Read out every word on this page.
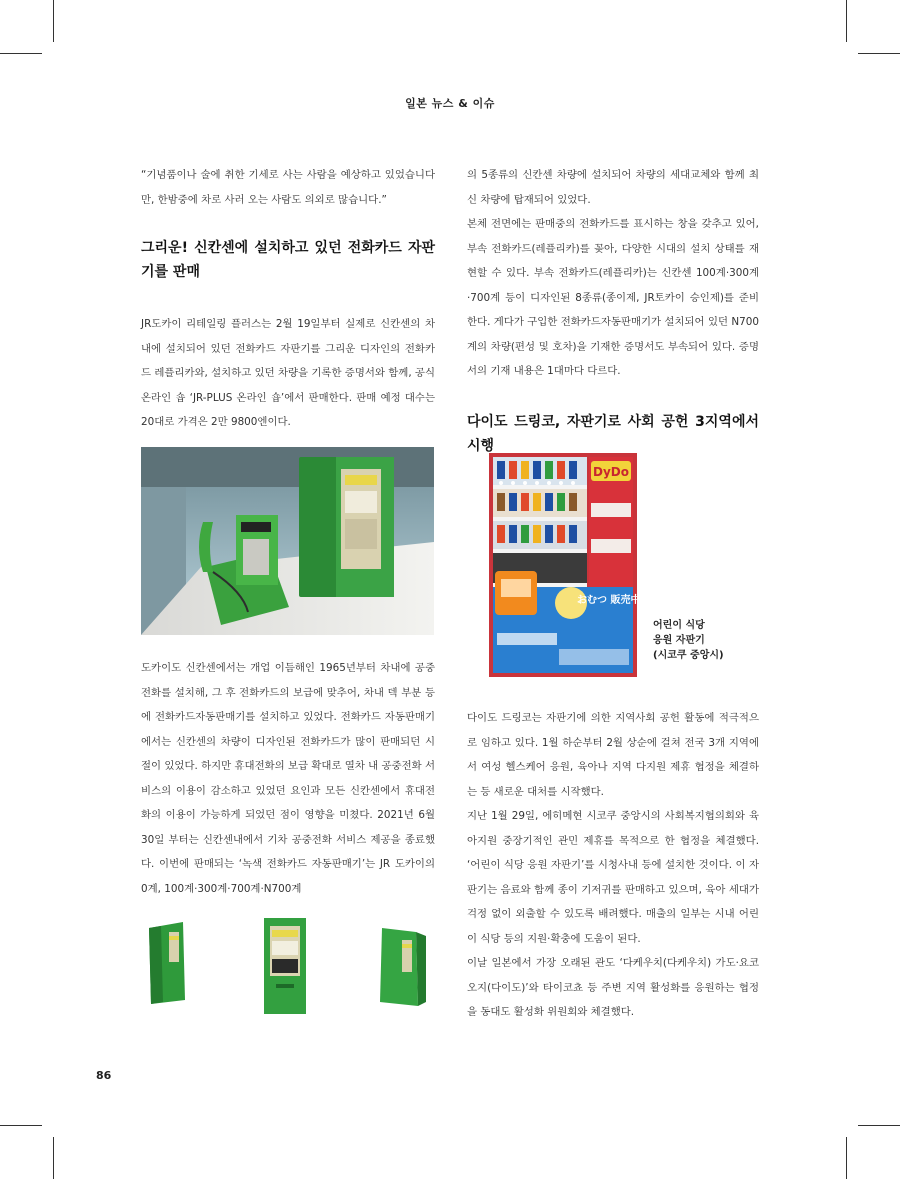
일본 뉴스 & 이슈

“기념품이나 술에 취한 기세로 사는 사람을 예상하고 있었습니다만, 한밤중에 차로 사러 오는 사람도 의외로 많습니다.”

그리운! 신칸센에 설치하고 있던 전화카드 자판기를 판매

JR도카이 리테일링 플러스는 2월 19일부터 실제로 신칸센의 차내에 설치되어 있던 전화카드 자판기를 그리운 디자인의 전화카드 레플리카와, 설치하고 있던 차량을 기록한 증명서와 함께, 공식 온라인 숍 ‘JR-PLUS 온라인 숍’에서 판매한다. 판매 예정 대수는 20대로 가격은 2만 9800엔이다.

도카이도 신칸센에서는 개업 이듬해인 1965년부터 차내에 공중전화를 설치해, 그 후 전화카드의 보급에 맞추어, 차내 덱 부분 등에 전화카드자동판매기를 설치하고 있었다. 전화카드 자동판매기에서는 신칸센의 차량이 디자인된 전화카드가 많이 판매되던 시절이 있었다. 하지만 휴대전화의 보급 확대로 열차 내 공중전화 서비스의 이용이 감소하고 있었던 요인과 모든 신칸센에서 휴대전화의 이용이 가능하게 되었던 점이 영향을 미쳤다. 2021년 6월 30일 부터는 신칸센내에서 기차 공중전화 서비스 제공을 종료했다. 이번에 판매되는 ‘녹색 전화카드 자동판매기’는 JR 도카이의 0계, 100계·300계·700계·N700계

의 5종류의 신칸센 차량에 설치되어 차량의 세대교체와 함께 최신 차량에 탑재되어 있었다.

본체 전면에는 판매중의 전화카드를 표시하는 창을 갖추고 있어, 부속 전화카드(레플리카)를 꽂아, 다양한 시대의 설치 상태를 재현할 수 있다. 부속 전화카드(레플리카)는 신칸센 100계·300계·700계 등이 디자인된 8종류(종이제, JR토카이 승인제)를 준비한다. 게다가 구입한 전화카드자동판매기가 설치되어 있던 N700계의 차량(편성 및 호차)을 기재한 증명서도 부속되어 있다. 증명서의 기재 내용은 1대마다 다르다.

다이도 드링코, 자판기로 사회 공헌 3지역에서 시행

DyDo
おむつ 販売中!
어린이 식당
응원 자판기
(시코쿠 중앙시)

다이도 드링코는 자판기에 의한 지역사회 공헌 활동에 적극적으로 임하고 있다. 1월 하순부터 2월 상순에 걸쳐 전국 3개 지역에서 여성 헬스케어 응원, 육아나 지역 다지원 제휴 협정을 체결하는 등 새로운 대처를 시작했다.

지난 1월 29일, 에히메현 시코쿠 중앙시의 사회복지협의회와 육아지원 중장기적인 관민 제휴를 목적으로 한 협정을 체결했다. ‘어린이 식당 응원 자판기’를 시청사내 등에 설치한 것이다. 이 자판기는 음료와 함께 종이 기저귀를 판매하고 있으며, 육아 세대가 걱정 없이 외출할 수 있도록 배려했다. 매출의 일부는 시내 어린이 식당 등의 지원·확충에 도움이 된다.

이날 일본에서 가장 오래된 관도 ‘다케우치(다케우치) 가도·요코오지(다이도)’와 타이코쵸 등 주변 지역 활성화를 응원하는 협정을 동대도 활성화 위원회와 체결했다.

86
